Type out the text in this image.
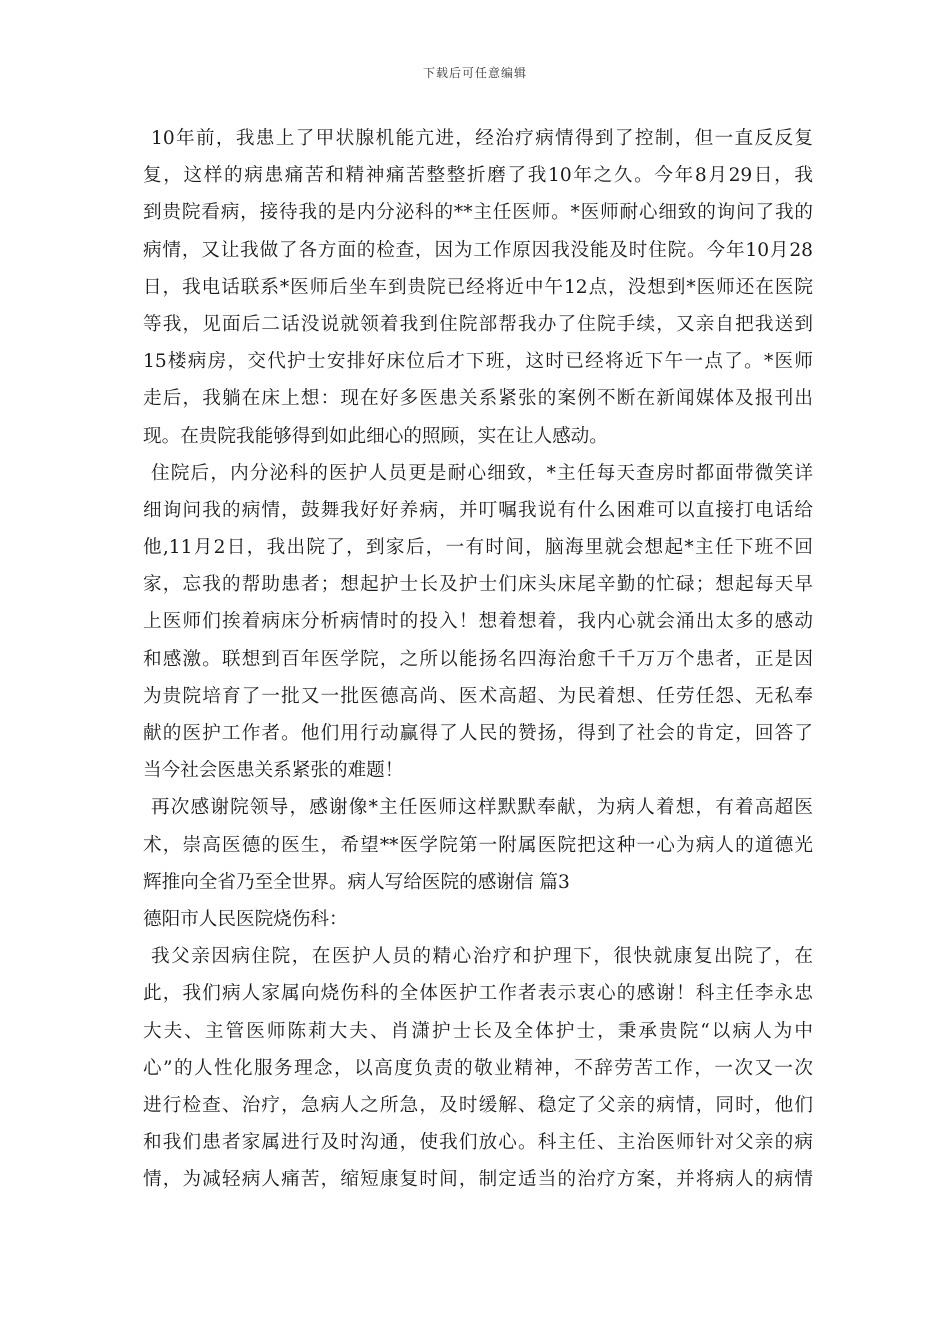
下载后可任意编辑
10年前，我患上了甲状腺机能亢进，经治疗病情得到了控制，但一直反反复
复，这样的病患痛苦和精神痛苦整整折磨了我10年之久。今年8月29日，我
到贵院看病，接待我的是内分泌科的**主任医师。*医师耐心细致的询问了我的
病情，又让我做了各方面的检查，因为工作原因我没能及时住院。今年10月28
日，我电话联系*医师后坐车到贵院已经将近中午12点，没想到*医师还在医院
等我，见面后二话没说就领着我到住院部帮我办了住院手续，又亲自把我送到
15楼病房，交代护士安排好床位后才下班，这时已经将近下午一点了。*医师
走后，我躺在床上想：现在好多医患关系紧张的案例不断在新闻媒体及报刊出
现。在贵院我能够得到如此细心的照顾，实在让人感动。
住院后，内分泌科的医护人员更是耐心细致，*主任每天查房时都面带微笑详
细询问我的病情，鼓舞我好好养病，并叮嘱我说有什么困难可以直接打电话给
他,11月2日，我出院了，到家后，一有时间，脑海里就会想起*主任下班不回
家，忘我的帮助患者；想起护士长及护士们床头床尾辛勤的忙碌；想起每天早
上医师们挨着病床分析病情时的投入！想着想着，我内心就会涌出太多的感动
和感激。联想到百年医学院，之所以能扬名四海治愈千千万万个患者，正是因
为贵院培育了一批又一批医德高尚、医术高超、为民着想、任劳任怨、无私奉
献的医护工作者。他们用行动赢得了人民的赞扬，得到了社会的肯定，回答了
当今社会医患关系紧张的难题！
再次感谢院领导，感谢像*主任医师这样默默奉献，为病人着想，有着高超医
术，崇高医德的医生，希望**医学院第一附属医院把这种一心为病人的道德光
辉推向全省乃至全世界。病人写给医院的感谢信 篇3
德阳市人民医院烧伤科：
我父亲因病住院，在医护人员的精心治疗和护理下，很快就康复出院了，在
此，我们病人家属向烧伤科的全体医护工作者表示衷心的感谢！科主任李永忠
大夫、主管医师陈莉大夫、肖潇护士长及全体护士，秉承贵院“以病人为中
心”的人性化服务理念，以高度负责的敬业精神，不辞劳苦工作，一次又一次
进行检查、治疗，急病人之所急，及时缓解、稳定了父亲的病情，同时，他们
和我们患者家属进行及时沟通，使我们放心。科主任、主治医师针对父亲的病
情，为减轻病人痛苦，缩短康复时间，制定适当的治疗方案，并将病人的病情
